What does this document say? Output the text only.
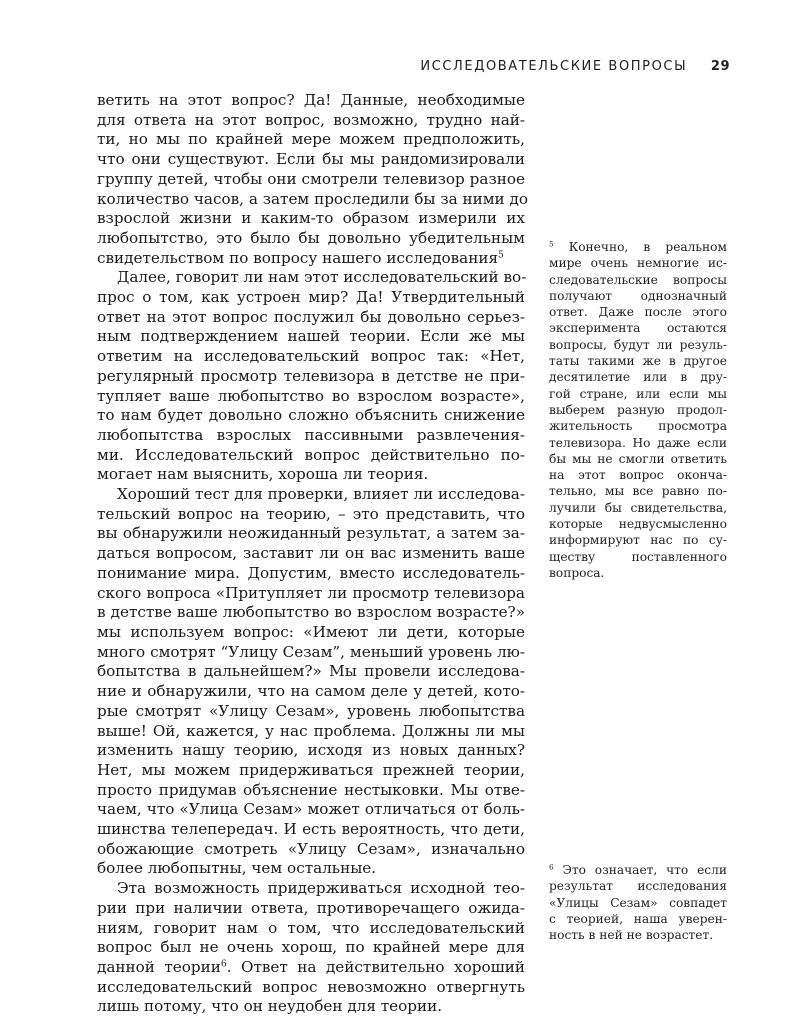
ИССЛЕДОВАТЕЛЬСКИЕ ВОПРОСЫ 29
ветить на этот вопрос? Да! Данные, необходимые
для ответа на этот вопрос, возможно, трудно най-
ти, но мы по крайней мере можем предположить,
что они существуют. Если бы мы рандомизировали
группу детей, чтобы они смотрели телевизор разное
количество часов, а затем проследили бы за ними до
взрослой жизни и каким-то образом измерили их
любопытство, это было бы довольно убедительным
свидетельством по вопросу нашего исследования$^5$
Далее, говорит ли нам этот исследовательский во-
прос о том, как устроен мир? Да! Утвердительный
ответ на этот вопрос послужил бы довольно серьез-
ным подтверждением нашей теории. Если же мы
ответим на исследовательский вопрос так: «Нет,
регулярный просмотр телевизора в детстве не при-
тупляет ваше любопытство во взрослом возрасте»,
то нам будет довольно сложно объяснить снижение
любопытства взрослых пассивными развлечения-
ми. Исследовательский вопрос действительно по-
могает нам выяснить, хороша ли теория.
Хороший тест для проверки, влияет ли исследова-
тельский вопрос на теорию, – это представить, что
вы обнаружили неожиданный результат, а затем за-
даться вопросом, заставит ли он вас изменить ваше
понимание мира. Допустим, вместо исследователь-
ского вопроса «Притупляет ли просмотр телевизора
в детстве ваше любопытство во взрослом возрасте?»
мы используем вопрос: «Имеют ли дети, которые
много смотрят “Улицу Сезам”, меньший уровень лю-
бопытства в дальнейшем?» Мы провели исследова-
ние и обнаружили, что на самом деле у детей, кото-
рые смотрят «Улицу Сезам», уровень любопытства
выше! Ой, кажется, у нас проблема. Должны ли мы
изменить нашу теорию, исходя из новых данных?
Нет, мы можем придерживаться прежней теории,
просто придумав объяснение нестыковки. Мы отве-
чаем, что «Улица Сезам» может отличаться от боль-
шинства телепередач. И есть вероятность, что дети,
обожающие смотреть «Улицу Сезам», изначально
более любопытны, чем остальные.
Эта возможность придерживаться исходной тео-
рии при наличии ответа, противоречащего ожида-
ниям, говорит нам о том, что исследовательский
вопрос был не очень хорош, по крайней мере для
данной теории$^6$. Ответ на действительно хороший
исследовательский вопрос невозможно отвергнуть
лишь потому, что он неудобен для теории.
$^5$ Конечно, в реальном
мире очень немногие ис-
следовательские вопросы
получают однозначный
ответ. Даже после этого
эксперимента остаются
вопросы, будут ли резуль-
таты такими же в другое
десятилетие или в дру-
гой стране, или если мы
выберем разную продол-
жительность просмотра
телевизора. Но даже если
бы мы не смогли ответить
на этот вопрос оконча-
тельно, мы все равно по-
лучили бы свидетельства,
которые недвусмысленно
информируют нас по су-
ществу поставленного
вопроса.
$^6$ Это означает, что если
результат исследования
«Улицы Сезам» совпадет
с теорией, наша уверен-
ность в ней не возрастет.
